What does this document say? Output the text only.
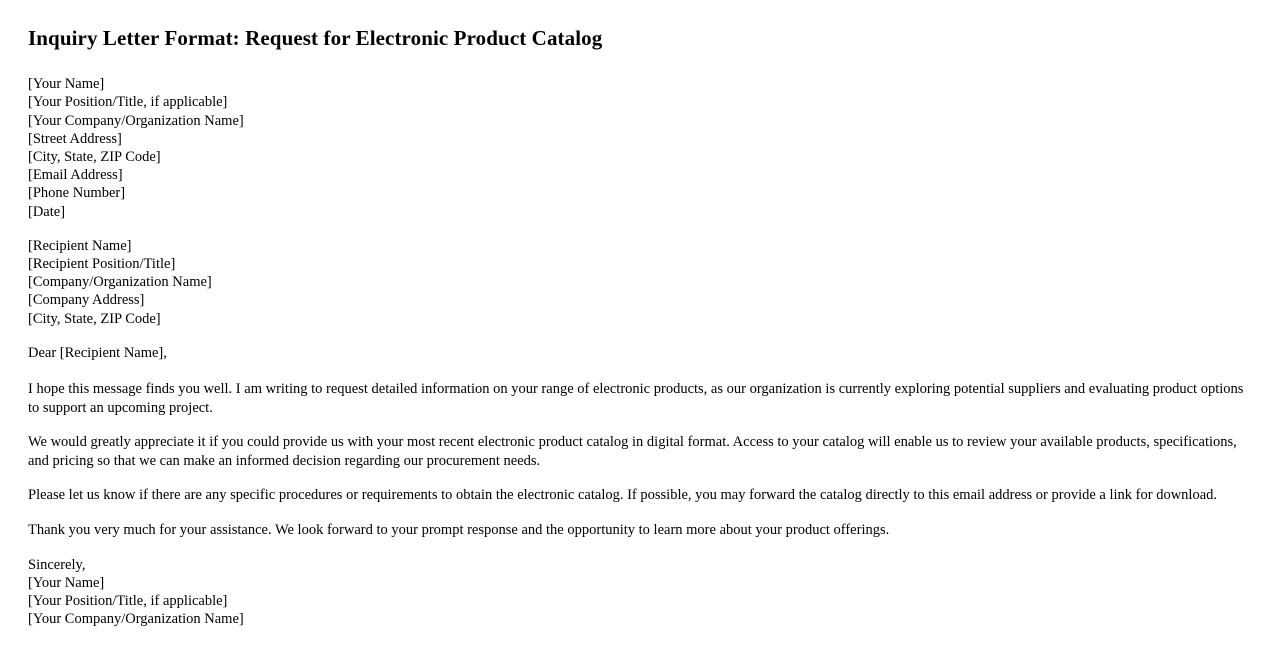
Inquiry Letter Format: Request for Electronic Product Catalog
[Your Name]
[Your Position/Title, if applicable]
[Your Company/Organization Name]
[Street Address]
[City, State, ZIP Code]
[Email Address]
[Phone Number]
[Date]
[Recipient Name]
[Recipient Position/Title]
[Company/Organization Name]
[Company Address]
[City, State, ZIP Code]
Dear [Recipient Name],

I hope this message finds you well. I am writing to request detailed information on your range of electronic products, as our organization is currently exploring potential suppliers and evaluating product options to support an upcoming project.

We would greatly appreciate it if you could provide us with your most recent electronic product catalog in digital format. Access to your catalog will enable us to review your available products, specifications, and pricing so that we can make an informed decision regarding our procurement needs.

Please let us know if there are any specific procedures or requirements to obtain the electronic catalog. If possible, you may forward the catalog directly to this email address or provide a link for download.

Thank you very much for your assistance. We look forward to your prompt response and the opportunity to learn more about your product offerings.

Sincerely,
[Your Name]
[Your Position/Title, if applicable]
[Your Company/Organization Name]
